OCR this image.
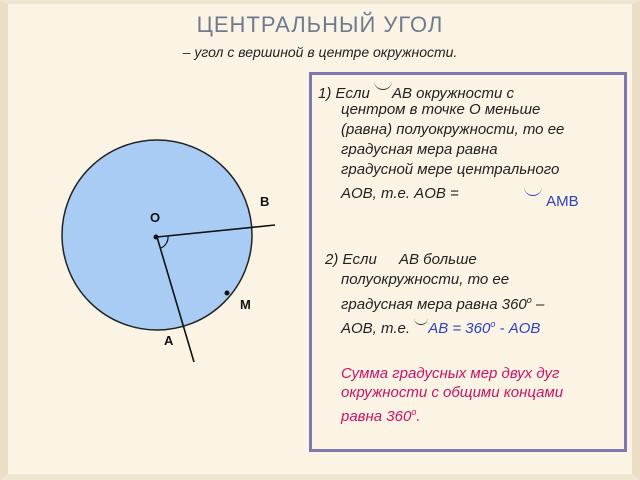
ЦЕНТРАЛЬНЫЙ УГОЛ
– угол с вершиной в центре окружности.
О
В
М
А
1) Если АВ окружности с
центром в точке О меньше
(равна) полуокружности, то ее
градусная мера равна
градусной мере центрального
AOB, т.е. AOB =	АМВ
2) Если АВ больше
полуокружности, то ее
градусная мера равна $360^о$ –
AOB, т.е. АВ = $360^о$ - AOB
Сумма градусных мер двух дуг
окружности с общими концами
равна $360^о$.
